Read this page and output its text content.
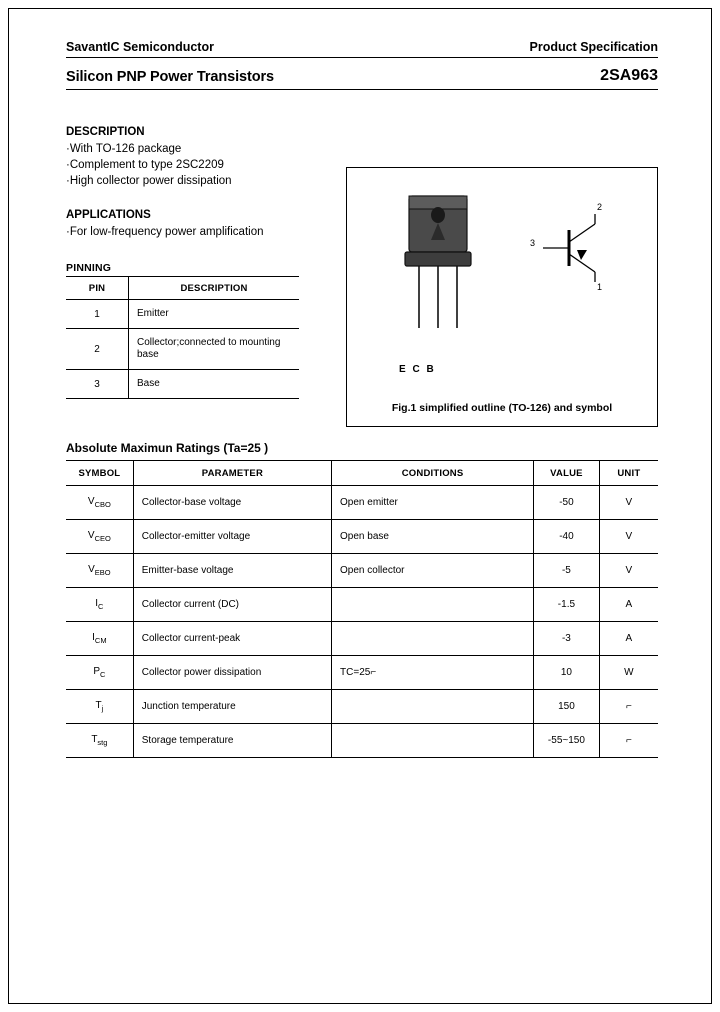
SavantIC Semiconductor	Product Specification
Silicon PNP Power Transistors	2SA963
DESCRIPTION
·With TO-126 package
·Complement to type 2SC2209
·High collector power dissipation
APPLICATIONS
·For low-frequency power amplification
PINNING
PIN	DESCRIPTION
1	Emitter
2	Collector;connected to mounting base
3	Base
2
3
1
E C B
Fig.1 simplified outline (TO-126) and symbol
Absolute Maximun Ratings (Ta=25 )
SYMBOL	PARAMETER	CONDITIONS	VALUE	UNIT
$V_{CBO}$	Collector-base voltage	Open emitter	-50	V
$V_{CEO}$	Collector-emitter voltage	Open base	-40	V
$V_{EBO}$	Emitter-base voltage	Open collector	-5	V
$I_C$	Collector current (DC)		-1.5	A
$I_{CM}$	Collector current-peak		-3	A
$P_C$	Collector power dissipation	TC=25⌐	10	W
$T_j$	Junction temperature		150	⌐
$T_{stg}$	Storage temperature		-55~150	⌐
